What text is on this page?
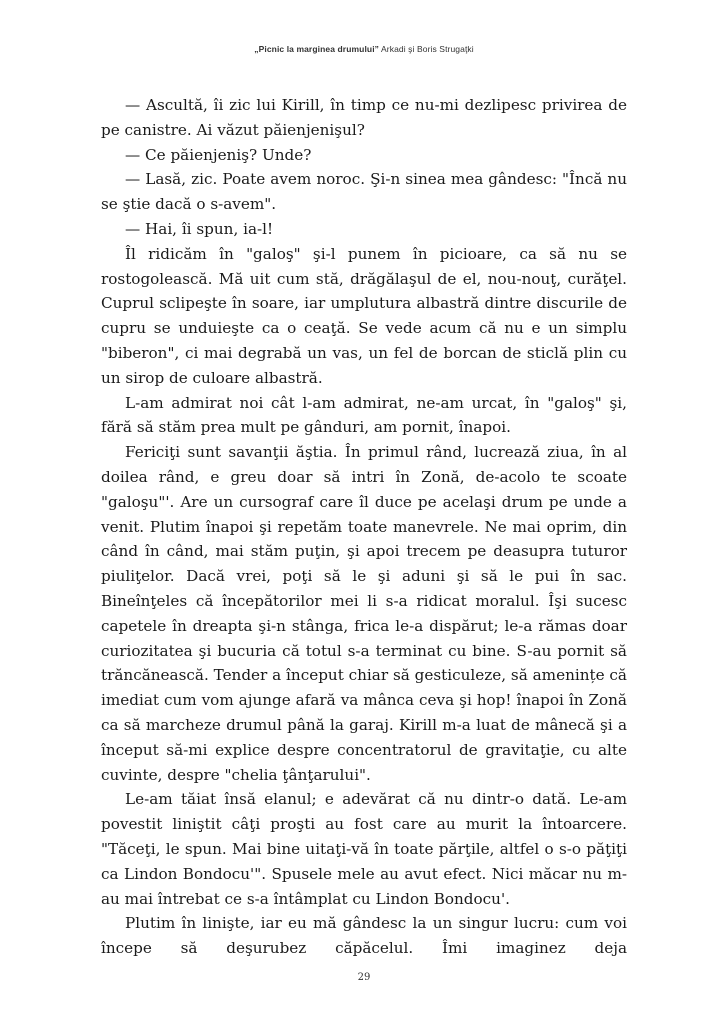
„Picnic la marginea drumului” Arkadi şi Boris Strugaţki

— Ascultă, îi zic lui Kirill, în timp ce nu-mi dezlipesc privirea de pe canistre. Ai văzut păienjenişul?

— Ce păienjeniş? Unde?

— Lasă, zic. Poate avem noroc. Şi-n sinea mea gândesc: "Încă nu se ştie dacă o s-avem".

— Hai, îi spun, ia-l!

Îl ridicăm în "galoş" şi-l punem în picioare, ca să nu se rostogolească. Mă uit cum stă, drăgălaşul de el, nou-nouţ, curăţel. Cuprul sclipeşte în soare, iar umplutura albastră dintre discurile de cupru se unduieşte ca o ceaţă. Se vede acum că nu e un simplu "biberon", ci mai degrabă un vas, un fel de borcan de sticlă plin cu un sirop de culoare albastră.

L-am admirat noi cât l-am admirat, ne-am urcat, în "galoş" şi, fără să stăm prea mult pe gânduri, am pornit, înapoi.

Fericiţi sunt savanţii ăştia. În primul rând, lucrează ziua, în al doilea rând, e greu doar să intri în Zonă, de-acolo te scoate "galoşu"'. Are un cursograf care îl duce pe acelaşi drum pe unde a venit. Plutim înapoi şi repetăm toate manevrele. Ne mai oprim, din când în când, mai stăm puţin, şi apoi trecem pe deasupra tuturor piuliţelor. Dacă vrei, poţi să le şi aduni şi să le pui în sac. Bineînţeles că începătorilor mei li s-a ridicat moralul. Îşi sucesc capetele în dreapta şi-n stânga, frica le-a dispărut; le-a rămas doar curiozitatea şi bucuria că totul s-a terminat cu bine. S-au pornit să trăncănească. Tender a început chiar să gesticuleze, să amenințe că imediat cum vom ajunge afară va mânca ceva şi hop! înapoi în Zonă ca să marcheze drumul până la garaj. Kirill m-a luat de mânecă şi a început să-mi explice despre concentratorul de gravitaţie, cu alte cuvinte, despre "chelia ţânţarului".

Le-am tăiat însă elanul; e adevărat că nu dintr-o dată. Le-am povestit liniştit câţi proşti au fost care au murit la întoarcere. "Tăceţi, le spun. Mai bine uitaţi-vă în toate părţile, altfel o s-o păţiţi ca Lindon Bondocu'". Spusele mele au avut efect. Nici măcar nu m-au mai întrebat ce s-a întâmplat cu Lindon Bondocu'.

Plutim în linişte, iar eu mă gândesc la un singur lucru: cum voi începe să deşurubez căpăcelul. Îmi imaginez deja

29
